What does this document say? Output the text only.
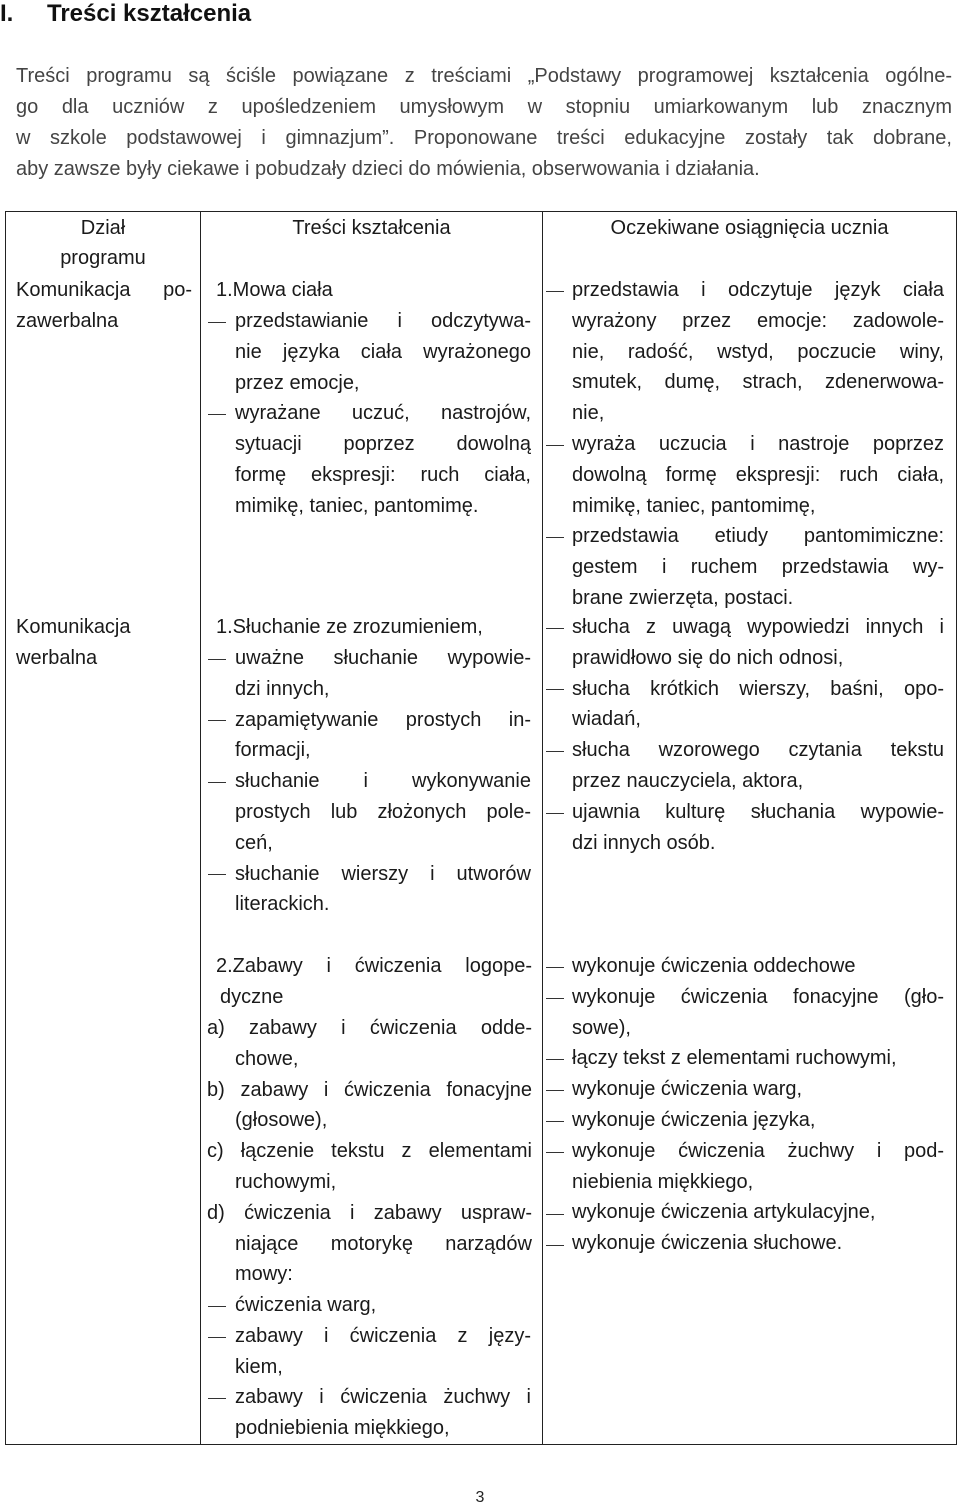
I. Treści kształcenia
Treści programu są ściśle powiązane z treściami „Podstawy programowej kształcenia ogólne-
go dla uczniów z upośledzeniem umysłowym w stopniu umiarkowanym lub znacznym
w szkole podstawowej i gimnazjum”. Proponowane treści edukacyjne zostały tak dobrane,
aby zawsze były ciekawe i pobudzały dzieci do mówienia, obserwowania i działania.
Dział
programu
Treści kształcenia	Oczekiwane osiągnięcia ucznia
Komunikacja po-
zawerbalna
1.Mowa ciała
przedstawianie i odczytywa-
nie języka ciała wyrażonego
przez emocje,
wyrażane uczuć, nastrojów,
sytuacji poprzez dowolną
formę ekspresji: ruch ciała,
mimikę, taniec, pantomimę.
przedstawia i odczytuje język ciała
wyrażony przez emocje: zadowole-
nie, radość, wstyd, poczucie winy,
smutek, dumę, strach, zdenerwowa-
nie,
wyraża uczucia i nastroje poprzez
dowolną formę ekspresji: ruch ciała,
mimikę, taniec, pantomimę,
przedstawia etiudy pantomimiczne:
gestem i ruchem przedstawia wy-
brane zwierzęta, postaci.
Komunikacja
werbalna
1.Słuchanie ze zrozumieniem,
uważne słuchanie wypowie-
dzi innych,
zapamiętywanie prostych in-
formacji,
słuchanie i wykonywanie
prostych lub złożonych pole-
ceń,
słuchanie wierszy i utworów
literackich.
słucha z uwagą wypowiedzi innych i
prawidłowo się do nich odnosi,
słucha krótkich wierszy, baśni, opo-
wiadań,
słucha wzorowego czytania tekstu
przez nauczyciela, aktora,
ujawnia kulturę słuchania wypowie-
dzi innych osób.
2.Zabawy i ćwiczenia logope-
dyczne
a) zabawy i ćwiczenia odde-
chowe,
b) zabawy i ćwiczenia fonacyjne
(głosowe),
c) łączenie tekstu z elementami
ruchowymi,
d) ćwiczenia i zabawy uspraw-
niające motorykę narządów
mowy:
ćwiczenia warg,
zabawy i ćwiczenia z języ-
kiem,
zabawy i ćwiczenia żuchwy i
podniebienia miękkiego,
wykonuje ćwiczenia oddechowe
wykonuje ćwiczenia fonacyjne (gło-
sowe),
łączy tekst z elementami ruchowymi,
wykonuje ćwiczenia warg,
wykonuje ćwiczenia języka,
wykonuje ćwiczenia żuchwy i pod-
niebienia miękkiego,
wykonuje ćwiczenia artykulacyjne,
wykonuje ćwiczenia słuchowe.
3
